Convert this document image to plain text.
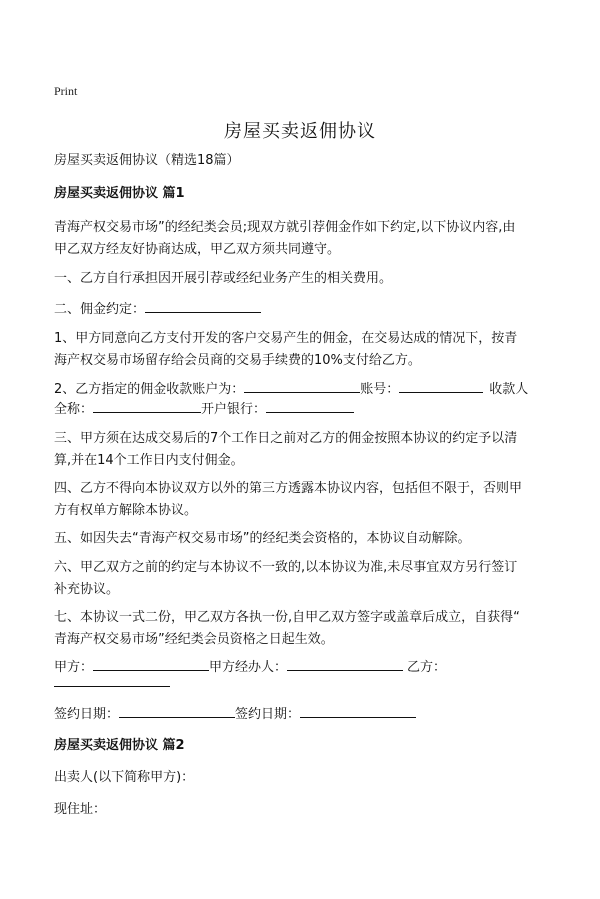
Print
房屋买卖返佣协议
房屋买卖返佣协议（精选18篇）
房屋买卖返佣协议 篇1
青海产权交易市场”的经纪类会员;现双方就引荐佣金作如下约定,以下协议内容,由
甲乙双方经友好协商达成，甲乙双方须共同遵守。
一、乙方自行承担因开展引荐或经纪业务产生的相关费用。
二、佣金约定：
1、甲方同意向乙方支付开发的客户交易产生的佣金，在交易达成的情况下，按青
海产权交易市场留存给会员商的交易手续费的10%支付给乙方。
2、乙方指定的佣金收款账户为：	账号：	收款人
全称：	开户银行：
三、甲方须在达成交易后的7个工作日之前对乙方的佣金按照本协议的约定予以清
算,并在14个工作日内支付佣金。
四、乙方不得向本协议双方以外的第三方透露本协议内容，包括但不限于，否则甲
方有权单方解除本协议。
五、如因失去“青海产权交易市场”的经纪类会资格的，本协议自动解除。
六、甲乙双方之前的约定与本协议不一致的,以本协议为准,未尽事宜双方另行签订
补充协议。
七、本协议一式二份，甲乙双方各执一份,自甲乙双方签字或盖章后成立，自获得“
青海产权交易市场”经纪类会员资格之日起生效。
甲方：	甲方经办人：	乙方：
签约日期：	签约日期：
房屋买卖返佣协议 篇2
出卖人(以下简称甲方)：
现住址：
